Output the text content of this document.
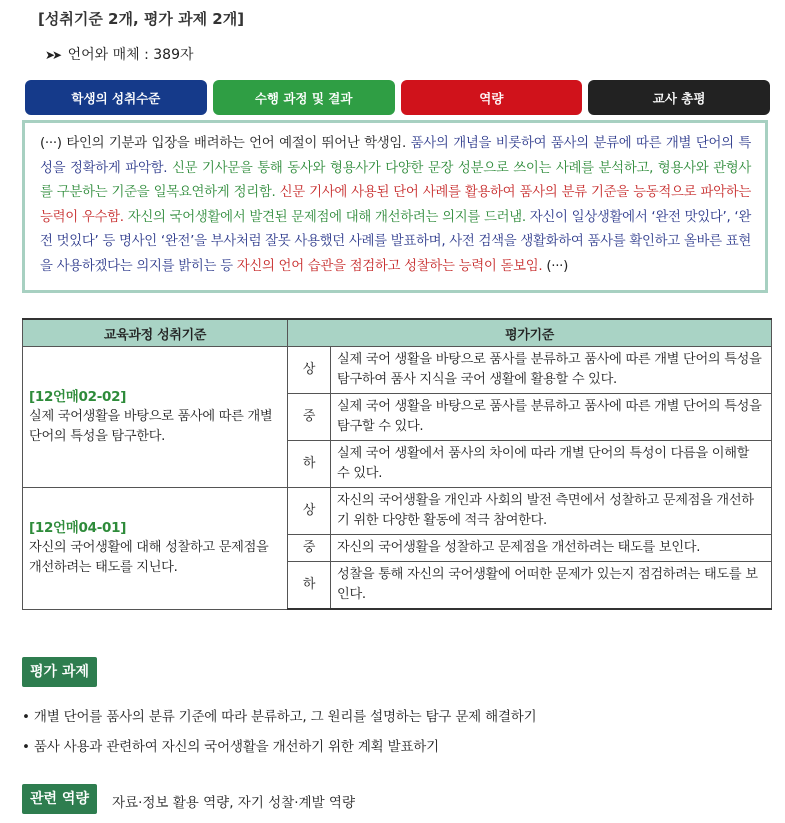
[성취기준 2개, 평가 과제 2개]
➤➤ 언어와 매체 : 389자
학생의 성취수준	수행 과정 및 결과	역량	교사 총평
(···) 타인의 기분과 입장을 배려하는 언어 예절이 뛰어난 학생임. 품사의 개념을 비롯하여 품사의 분류에 따른 개별 단어의 특성을 정확하게 파악함. 신문 기사문을 통해 동사와 형용사가 다양한 문장 성분으로 쓰이는 사례를 분석하고, 형용사와 관형사를 구분하는 기준을 일목요연하게 정리함. 신문 기사에 사용된 단어 사례를 활용하여 품사의 분류 기준을 능동적으로 파악하는 능력이 우수함. 자신의 국어생활에서 발견된 문제점에 대해 개선하려는 의지를 드러냄. 자신이 일상생활에서 ‘완전 맛있다’, ‘완전 멋있다’ 등 명사인 ‘완전’을 부사처럼 잘못 사용했던 사례를 발표하며, 사전 검색을 생활화하여 품사를 확인하고 올바른 표현을 사용하겠다는 의지를 밝히는 등 자신의 언어 습관을 점검하고 성찰하는 능력이 돋보임. (···)
교육과정 성취기준	평가기준	

[12언매02-02]
실제 국어생활을 바탕으로 품사에 따른 개별 단어의 특성을 탐구한다.	상	실제 국어 생활을 바탕으로 품사를 분류하고 품사에 따른 개별 단어의 특성을 탐구하여 품사 지식을 국어 생활에 활용할 수 있다.
	중	실제 국어 생활을 바탕으로 품사를 분류하고 품사에 따른 개별 단어의 특성을 탐구할 수 있다.
	하	실제 국어 생활에서 품사의 차이에 따라 개별 단어의 특성이 다름을 이해할 수 있다.

[12언매04-01]
자신의 국어생활에 대해 성찰하고 문제점을 개선하려는 태도를 지닌다.	상	자신의 국어생활을 개인과 사회의 발전 측면에서 성찰하고 문제점을 개선하기 위한 다양한 활동에 적극 참여한다.
	중	자신의 국어생활을 성찰하고 문제점을 개선하려는 태도를 보인다.
	하	성찰을 통해 자신의 국어생활에 어떠한 문제가 있는지 점검하려는 태도를 보인다.
평가 과제
• 개별 단어를 품사의 분류 기준에 따라 분류하고, 그 원리를 설명하는 탐구 문제 해결하기
• 품사 사용과 관련하여 자신의 국어생활을 개선하기 위한 계획 발표하기
관련 역량	자료·정보 활용 역량, 자기 성찰·계발 역량
